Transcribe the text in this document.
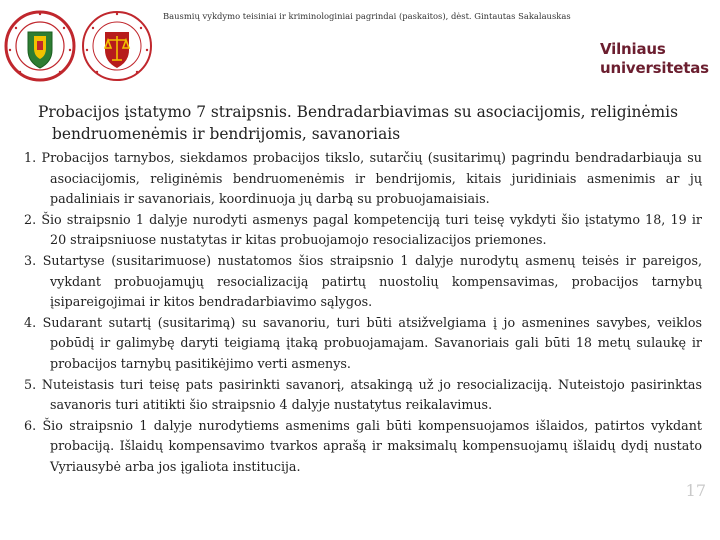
Bausmių vykdymo teisiniai ir kriminologiniai pagrindai (paskaitos), dėst. Gintautas Sakalauskas
Vilniaus
universitetas
Probacijos įstatymo 7 straipsnis. Bendradarbiavimas su asociacijomis, religinėmis bendruomenėmis ir bendrijomis, savanoriais
1. Probacijos tarnybos, siekdamos probacijos tikslo, sutarčių (susitarimų) pagrindu bendradarbiauja su asociacijomis, religinėmis bendruomenėmis ir bendrijomis, kitais juridiniais asmenimis ar jų padaliniais ir savanoriais, koordinuoja jų darbą su probuojamaisiais.
2. Šio straipsnio 1 dalyje nurodyti asmenys pagal kompetenciją turi teisę vykdyti šio įstatymo 18, 19 ir 20 straipsniuose nustatytas ir kitas probuojamojo resocializacijos priemones.
3. Sutartyse (susitarimuose) nustatomos šios straipsnio 1 dalyje nurodytų asmenų teisės ir pareigos, vykdant probuojamųjų resocializaciją patirtų nuostolių kompensavimas, probacijos tarnybų įsipareigojimai ir kitos bendradarbiavimo sąlygos.
4. Sudarant sutartį (susitarimą) su savanoriu, turi būti atsižvelgiama į jo asmenines savybes, veiklos pobūdį ir galimybę daryti teigiamą įtaką probuojamajam. Savanoriais gali būti 18 metų sulaukę ir probacijos tarnybų pasitikėjimo verti asmenys.
5. Nuteistasis turi teisę pats pasirinkti savanorį, atsakingą už jo resocializaciją. Nuteistojo pasirinktas savanoris turi atitikti šio straipsnio 4 dalyje nustatytus reikalavimus.
6. Šio straipsnio 1 dalyje nurodytiems asmenims gali būti kompensuojamos išlaidos, patirtos vykdant probaciją. Išlaidų kompensavimo tvarkos aprašą ir maksimalų kompensuojamų išlaidų dydį nustato Vyriausybė arba jos įgaliota institucija.
17
